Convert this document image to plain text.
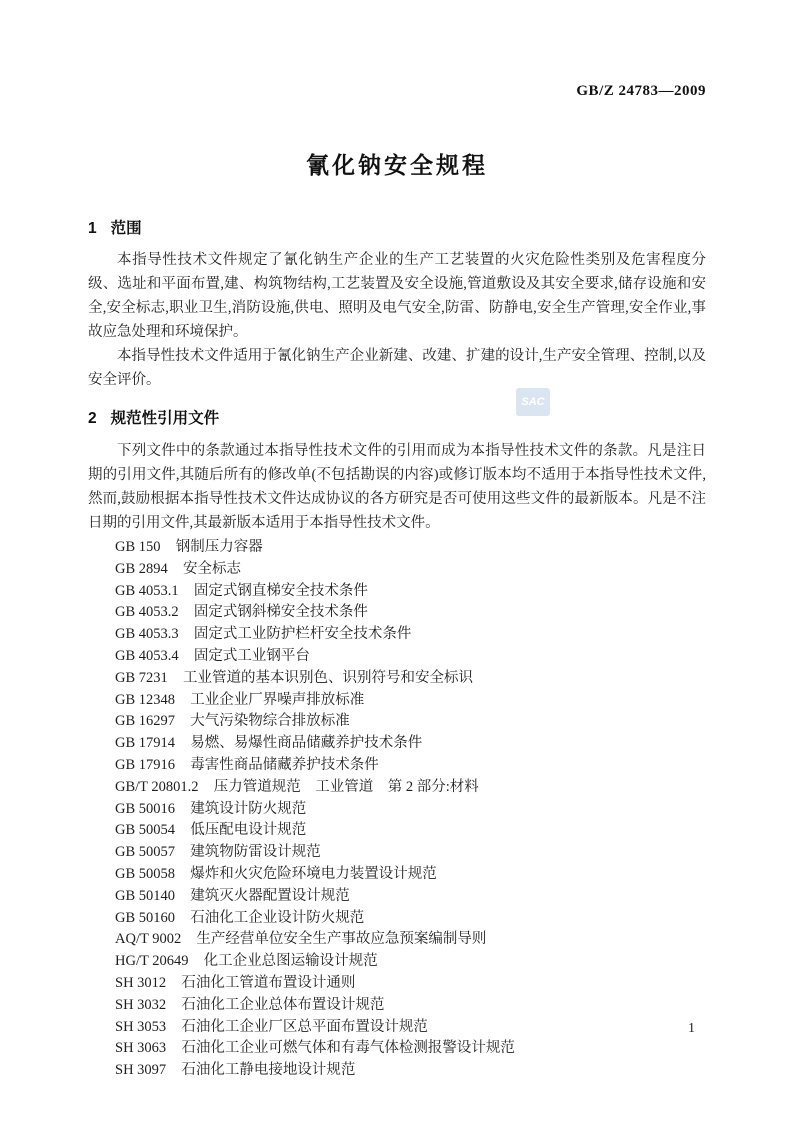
GB/Z 24783—2009
氰化钠安全规程
SAC
1 范围

本指导性技术文件规定了氰化钠生产企业的生产工艺装置的火灾危险性类别及危害程度分级、选址和平面布置,建、构筑物结构,工艺装置及安全设施,管道敷设及其安全要求,储存设施和安全,安全标志,职业卫生,消防设施,供电、照明及电气安全,防雷、防静电,安全生产管理,安全作业,事故应急处理和环境保护。

本指导性技术文件适用于氰化钠生产企业新建、改建、扩建的设计,生产安全管理、控制,以及安全评价。

2 规范性引用文件

下列文件中的条款通过本指导性技术文件的引用而成为本指导性技术文件的条款。凡是注日期的引用文件,其随后所有的修改单(不包括勘误的内容)或修订版本均不适用于本指导性技术文件,然而,鼓励根据本指导性技术文件达成协议的各方研究是否可使用这些文件的最新版本。凡是不注日期的引用文件,其最新版本适用于本指导性技术文件。

GB 150 钢制压力容器
GB 2894 安全标志
GB 4053.1 固定式钢直梯安全技术条件
GB 4053.2 固定式钢斜梯安全技术条件
GB 4053.3 固定式工业防护栏杆安全技术条件
GB 4053.4 固定式工业钢平台
GB 7231 工业管道的基本识别色、识别符号和安全标识
GB 12348 工业企业厂界噪声排放标准
GB 16297 大气污染物综合排放标准
GB 17914 易燃、易爆性商品储藏养护技术条件
GB 17916 毒害性商品储藏养护技术条件
GB/T 20801.2 压力管道规范　工业管道　第 2 部分:材料
GB 50016 建筑设计防火规范
GB 50054 低压配电设计规范
GB 50057 建筑物防雷设计规范
GB 50058 爆炸和火灾危险环境电力装置设计规范
GB 50140 建筑灭火器配置设计规范
GB 50160 石油化工企业设计防火规范
AQ/T 9002 生产经营单位安全生产事故应急预案编制导则
HG/T 20649 化工企业总图运输设计规范
SH 3012 石油化工管道布置设计通则
SH 3032 石油化工企业总体布置设计规范
SH 3053 石油化工企业厂区总平面布置设计规范
SH 3063 石油化工企业可燃气体和有毒气体检测报警设计规范
SH 3097 石油化工静电接地设计规范
1
